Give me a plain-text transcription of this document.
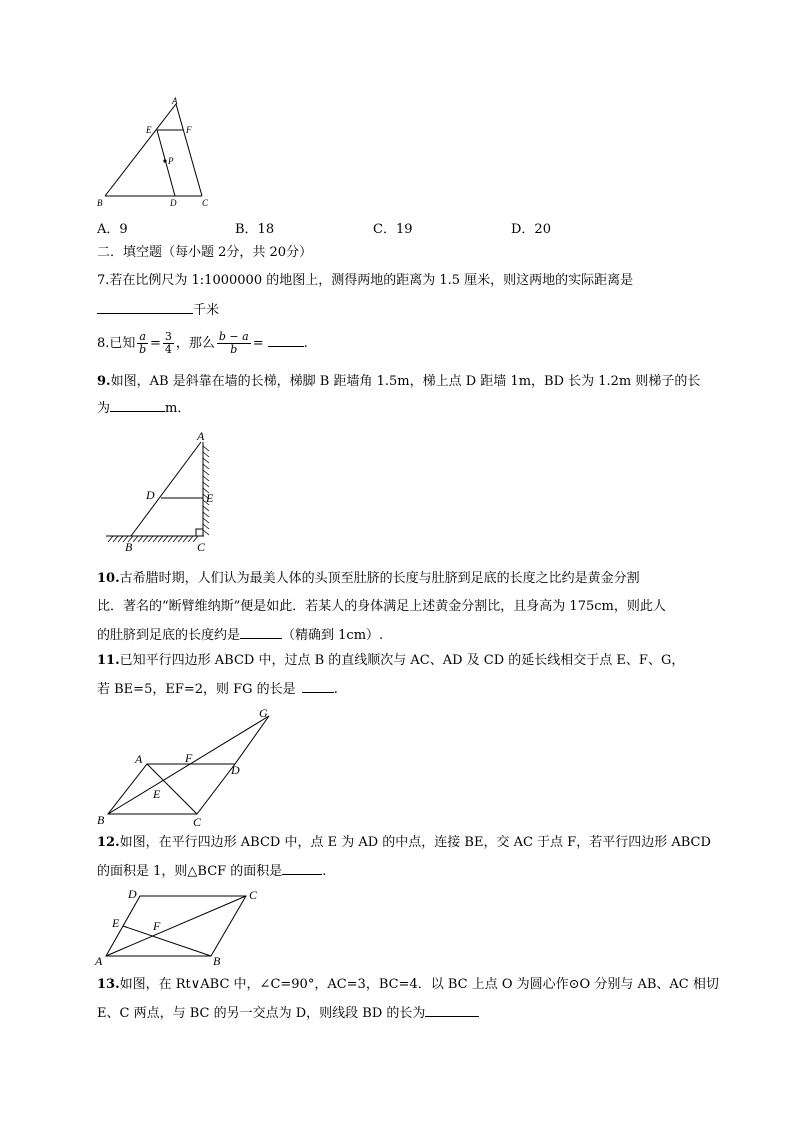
A
E	F
P
B	D	C
A．9	B．18	C．19	D．20
二．填空题（每小题 2分，共 20分）
7.若在比例尺为 1:1000000 的地图上，测得两地的距离为 1.5 厘米，则这两地的实际距离是
千米
8.已知 $\frac{a}{b} = \frac{3}{4}$ ，那么 $\frac{b - a}{b}$ =	.
9.如图，AB 是斜靠在墙的长梯，梯脚 B 距墙角 1.5m，梯上点 D 距墙 1m，BD 长为 1.2m 则梯子的长
为	m．
A
D	E
B	C
10.古希腊时期，人们认为最美人体的头顶至肚脐的长度与肚脐到足底的长度之比约是黄金分割
比．著名的“断臂维纳斯”便是如此．若某人的身体满足上述黄金分割比，且身高为 175cm，则此人
的肚脐到足底的长度约是	（精确到 1cm）.
11.已知平行四边形 ABCD 中，过点 B 的直线顺次与 AC、AD 及 CD 的延长线相交于点 E、F、G，
若 BE=5，EF=2，则 FG 的长是	.
G
A	F
D
E
B	C
12.如图，在平行四边形 ABCD 中，点 E 为 AD 的中点，连接 BE，交 AC 于点 F，若平行四边形 ABCD
的面积是 1，则△BCF 的面积是	.
D	C
E	F
A	B
13.如图，在 Rt∨ABC 中，∠C=90°，AC=3，BC=4．以 BC 上点 O 为圆心作⊙O 分别与 AB、AC 相切
E、C 两点，与 BC 的另一交点为 D，则线段 BD 的长为
